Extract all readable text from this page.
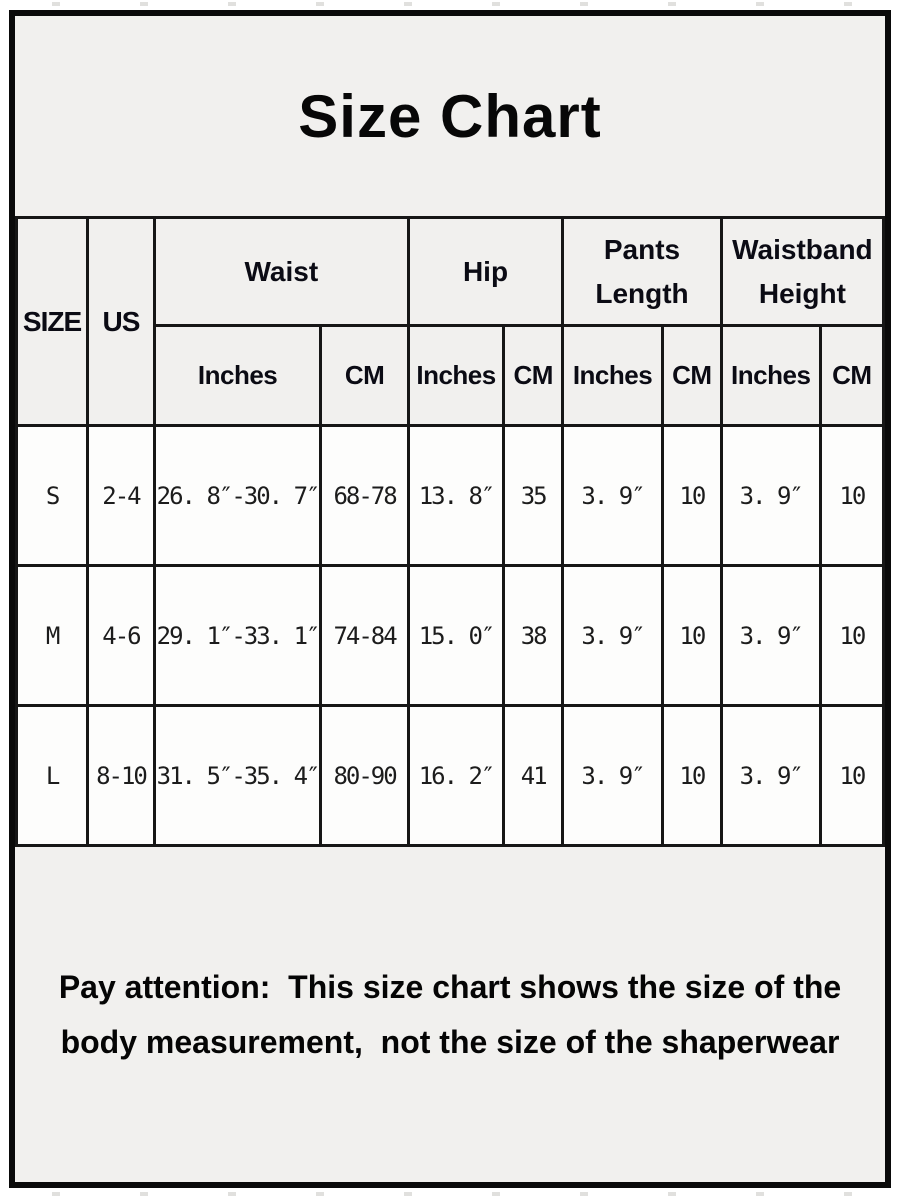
Size Chart
SIZE	US	Waist		Hip		Pants Length		Waistband Height	
		Inches	CM	Inches	CM	Inches	CM	Inches	CM
S	2-4	26. 8″-30. 7″	68-78	13. 8″	35	3. 9″	10	3. 9″	10
M	4-6	29. 1″-33. 1″	74-84	15. 0″	38	3. 9″	10	3. 9″	10
L	8-10	31. 5″-35. 4″	80-90	16. 2″	41	3. 9″	10	3. 9″	10
Pay attention:  This size chart shows the size of the
body measurement,  not the size of the shaperwear
